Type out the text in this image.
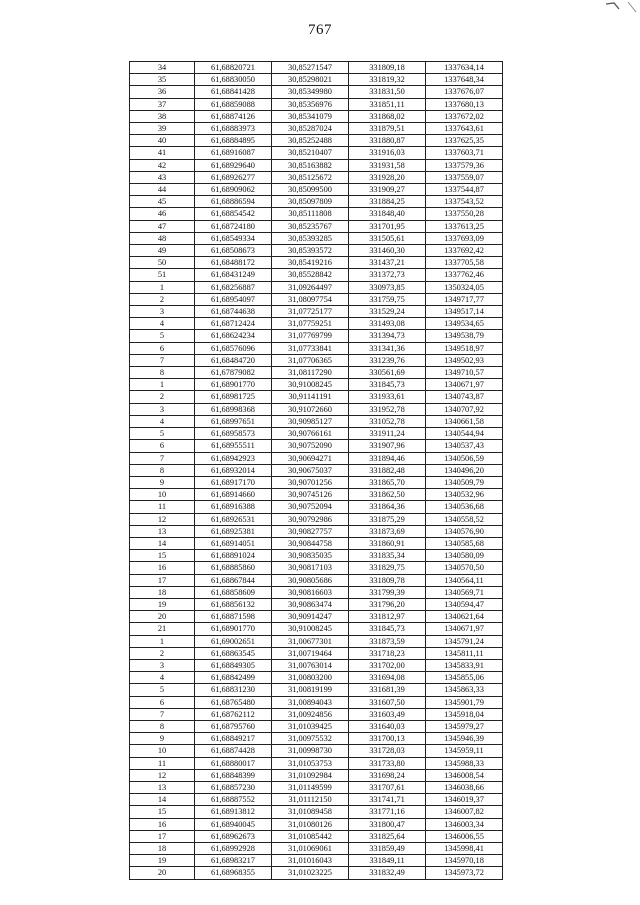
767
34	61,68820721	30,85271547	331809,18	1337634,14
35	61,68830050	30,85298021	331819,32	1337648,34
36	61,68841428	30,85349980	331831,50	1337676,07
37	61,68859088	30,85356976	331851,11	1337680,13
38	61,68874126	30,85341079	331868,02	1337672,02
39	61,68883973	30,85287024	331879,51	1337643,61
40	61,68884895	30,85252488	331880,87	1337625,35
41	61,68916087	30,85210407	331916,03	1337603,71
42	61,68929640	30,85163882	331931,58	1337579,36
43	61,68926277	30,85125672	331928,20	1337559,07
44	61,68909062	30,85099500	331909,27	1337544,87
45	61,68886594	30,85097809	331884,25	1337543,52
46	61,68854542	30,85111808	331848,40	1337550,28
47	61,68724180	30,85235767	331701,95	1337613,25
48	61,68549334	30,85393285	331505,61	1337693,09
49	61,68508673	30,85393572	331460,30	1337692,42
50	61,68488172	30,85419216	331437,21	1337705,58
51	61,68431249	30,85528842	331372,73	1337762,46
1	61,68256887	31,09264497	330973,85	1350324,05
2	61,68954097	31,08097754	331759,75	1349717,77
3	61,68744638	31,07725177	331529,24	1349517,14
4	61,68712424	31,07759251	331493,08	1349534,65
5	61,68624234	31,07769799	331394,73	1349538,79
6	61,68576096	31,07733841	331341,36	1349518,97
7	61,68484720	31,07706365	331239,76	1349502,93
8	61,67879082	31,08117290	330561,69	1349710,57
1	61,68901770	30,91008245	331845,73	1340671,97
2	61,68981725	30,91141191	331933,61	1340743,87
3	61,68998368	30,91072660	331952,78	1340707,92
4	61,68997651	30,90985127	331052,78	1340661,58
5	61,68958573	30,90766161	331911,24	1340544,94
6	61,68955511	30,90752090	331907,96	1340537,43
7	61,68942923	30,90694271	331894,46	1340506,59
8	61,68932014	30,90675037	331882,48	1340496,20
9	61,68917170	30,90701256	331865,70	1340509,79
10	61,68914660	30,90745126	331862,50	1340532,96
11	61,68916388	30,90752094	331864,36	1340536,68
12	61,68926531	30,90792986	331875,29	1340558,52
13	61,68925381	30,90827757	331873,69	1340576,90
14	61,68914051	30,90844758	331860,91	1340585,68
15	61,68891024	30,90835035	331835,34	1340580,09
16	61,68885860	30,90817103	331829,75	1340570,50
17	61,68867844	30,90805686	331809,78	1340564,11
18	61,68858609	30,90816603	331799,39	1340569,71
19	61,68856132	30,90863474	331796,20	1340594,47
20	61,68871598	30,90914247	331812,97	1340621,64
21	61,68901770	30,91008245	331845,73	1340671,97
1	61,69002651	31,00677301	331873,59	1345791,24
2	61,68863545	31,00719464	331718,23	1345811,11
3	61,68849305	31,00763014	331702,00	1345833,91
4	61,68842499	31,00803200	331694,08	1345855,06
5	61,68831230	31,00819199	331681,39	1345863,33
6	61,68765480	31,00894043	331607,50	1345901,79
7	61,68762112	31,00924856	331603,49	1345918,04
8	61,68795760	31,01039425	331640,03	1345979,27
9	61,68849217	31,00975532	331700,13	1345946,39
10	61,68874428	31,00998730	331728,03	1345959,11
11	61,68880017	31,01053753	331733,80	1345988,33
12	61,68848399	31,01092984	331698,24	1346008,54
13	61,68857230	31,01149599	331707,61	1346038,66
14	61,68887552	31,01112150	331741,71	1346019,37
15	61,68913812	31,01089458	331771,16	1346007,82
16	61,68940045	31,01080126	331800,47	1346003,34
17	61,68962673	31,01085442	331825,64	1346006,55
18	61,68992928	31,01069061	331859,49	1345998,41
19	61,68983217	31,01016043	331849,11	1345970,18
20	61,68968355	31,01023225	331832,49	1345973,72
